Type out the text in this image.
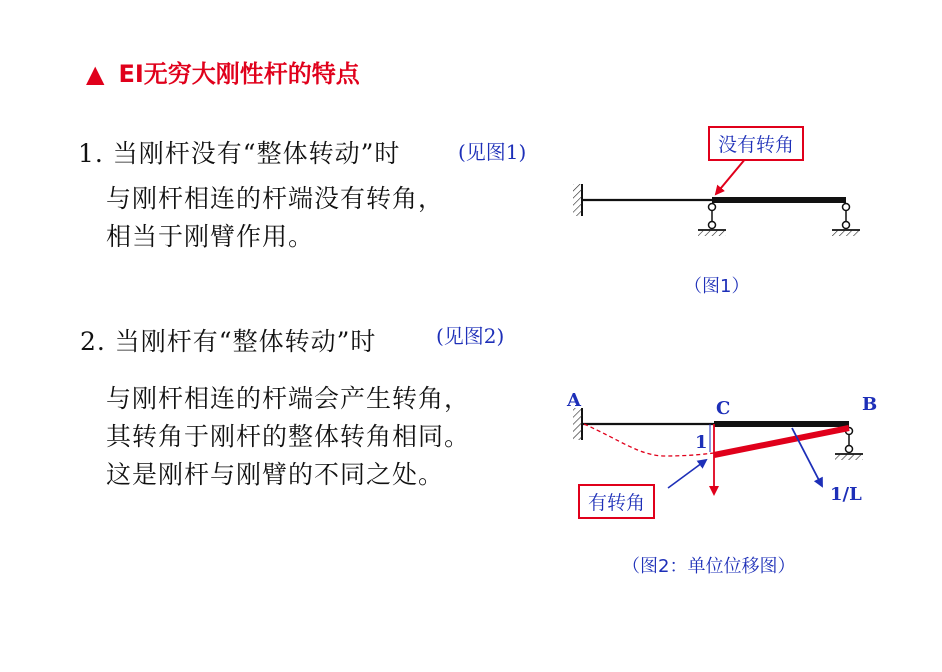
▲ EI无穷大刚性杆的特点
1. 当刚杆没有“整体转动”时	(见图1)
与刚杆相连的杆端没有转角，
相当于刚臂作用。
2. 当刚杆有“整体转动”时	(见图2)
与刚杆相连的杆端会产生转角，
其转角于刚杆的整体转角相同。
这是刚杆与刚臂的不同之处。
没有转角
（图1）
A	C	B
1
1/L
有转角
（图2：单位位移图）
